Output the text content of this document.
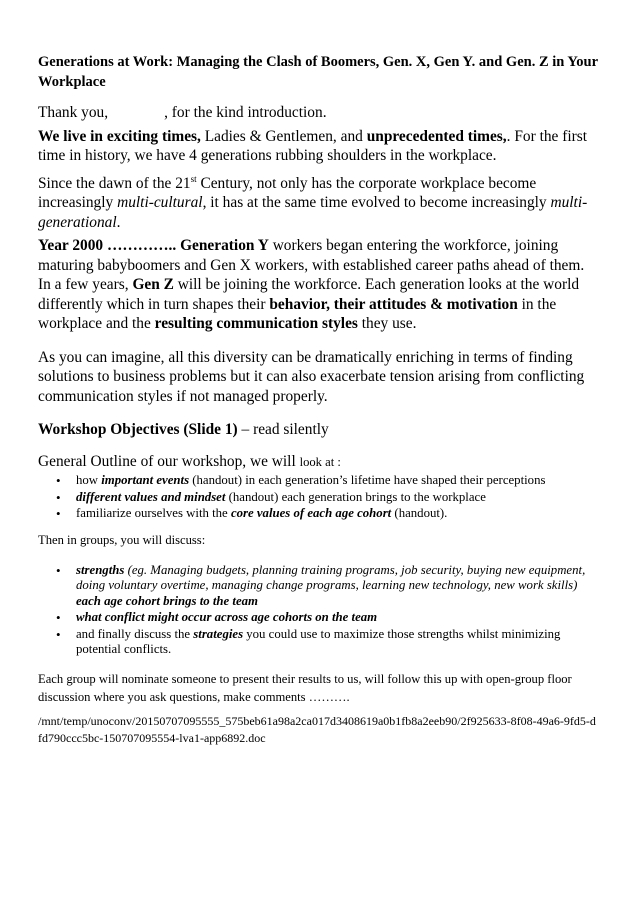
Generations at Work: Managing the Clash of Boomers, Gen. X, Gen Y. and Gen. Z in Your Workplace

Thank you,	, for the kind introduction.

We live in exciting times, Ladies & Gentlemen, and unprecedented times,. For the first time in history, we have 4 generations rubbing shoulders in the workplace.

Since the dawn of the 21st Century, not only has the corporate workplace become increasingly multi-cultural, it has at the same time evolved to become increasingly multi-generational.

Year 2000 ………….. Generation Y workers began entering the workforce, joining maturing babyboomers and Gen X workers, with established career paths ahead of them. In a few years, Gen Z will be joining the workforce. Each generation looks at the world differently which in turn shapes their behavior, their attitudes & motivation in the workplace and the resulting communication styles they use.

As you can imagine, all this diversity can be dramatically enriching in terms of finding solutions to business problems but it can also exacerbate tension arising from conflicting communication styles if not managed properly.

Workshop Objectives (Slide 1) – read silently

General Outline of our workshop, we will look at :

• how important events (handout) in each generation’s lifetime have shaped their perceptions
• different values and mindset (handout) each generation brings to the workplace
• familiarize ourselves with the core values of each age cohort (handout).

Then in groups, you will discuss:

• strengths (eg. Managing budgets, planning training programs, job security, buying new equipment, doing voluntary overtime, managing change programs, learning new technology, new work skills) each age cohort brings to the team
• what conflict might occur across age cohorts on the team
• and finally discuss the strategies you could use to maximize those strengths whilst minimizing potential conflicts.

Each group will nominate someone to present their results to us, will follow this up with open-group floor discussion where you ask questions, make comments ……….

/mnt/temp/unoconv/20150707095555_575beb61a98a2ca017d3408619a0b1fb8a2eeb90/2f925633-8f08-49a6-9fd5-dfd790ccc5bc-150707095554-lva1-app6892.doc
